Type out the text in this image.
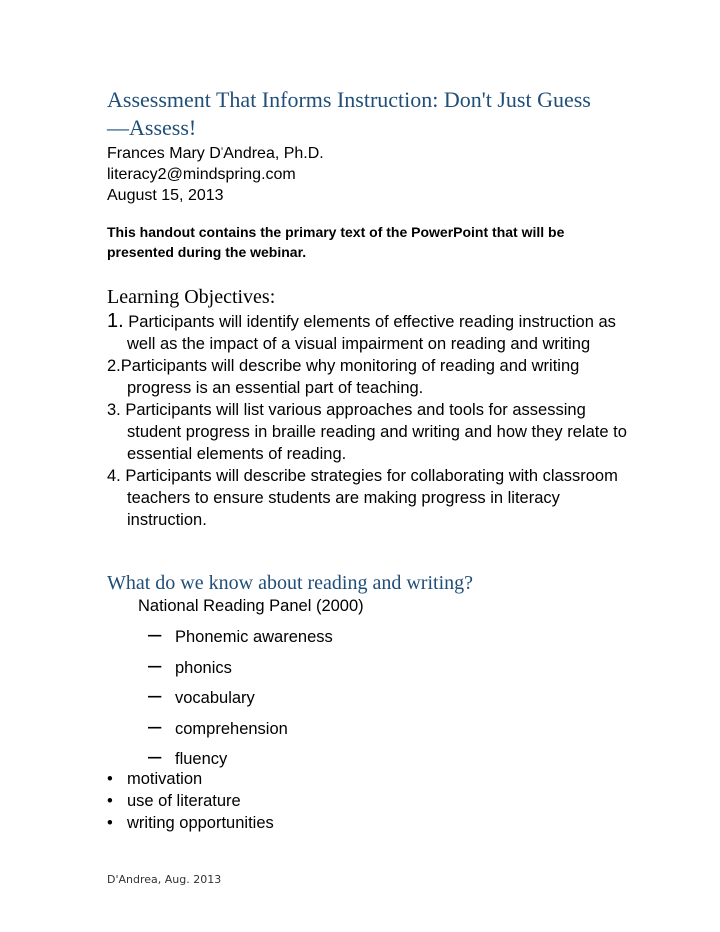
Assessment That Informs Instruction: Don't Just Guess—Assess!
Frances Mary D’Andrea, Ph.D.
literacy2@mindspring.com
August 15, 2013
This handout contains the primary text of the PowerPoint that will be presented during the webinar.
Learning Objectives:
1. Participants will identify elements of effective reading instruction as well as the impact of a visual impairment on reading and writing
2.Participants will describe why monitoring of reading and writing progress is an essential part of teaching.
3. Participants will list various approaches and tools for assessing student progress in braille reading and writing and how they relate to essential elements of reading.
4. Participants will describe strategies for collaborating with classroom teachers to ensure students are making progress in literacy instruction.
What do we know about reading and writing?
National Reading Panel (2000)
– Phonemic awareness
– phonics
– vocabulary
– comprehension
– fluency
• motivation
• use of literature
• writing opportunities
D'Andrea, Aug. 2013
